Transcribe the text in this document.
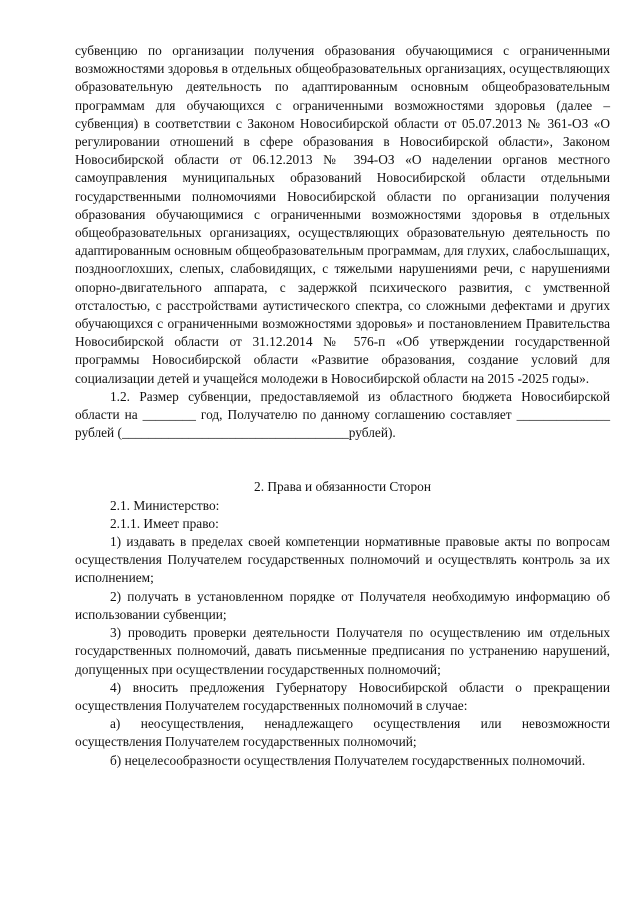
субвенцию по организации получения образования обучающимися с ограниченными возможностями здоровья в отдельных общеобразовательных организациях, осуществляющих образовательную деятельность по адаптированным основным общеобразовательным программам для обучающихся с ограниченными возможностями здоровья (далее – субвенция) в соответствии с Законом Новосибирской области от 05.07.2013 № 361-ОЗ «О регулировании отношений в сфере образования в Новосибирской области», Законом Новосибирской области от 06.12.2013 № 394-ОЗ «О наделении органов местного самоуправления муниципальных образований Новосибирской области отдельными государственными полномочиями Новосибирской области по организации получения образования обучающимися с ограниченными возможностями здоровья в отдельных общеобразовательных организациях, осуществляющих образовательную деятельность по адаптированным основным общеобразовательным программам, для глухих, слабослышащих, позднооглохших, слепых, слабовидящих, с тяжелыми нарушениями речи, с нарушениями опорно-двигательного аппарата, с задержкой психического развития, с умственной отсталостью, с расстройствами аутистического спектра, со сложными дефектами и других обучающихся с ограниченными возможностями здоровья» и постановлением Правительства Новосибирской области от 31.12.2014 № 576-п «Об утверждении государственной программы Новосибирской области «Развитие образования, создание условий для социализации детей и учащейся молодежи в Новосибирской области на 2015 -2025 годы».

1.2. Размер субвенции, предоставляемой из областного бюджета Новосибирской области на ________ год, Получателю по данному соглашению составляет ______________ рублей (__________________________________рублей).

2. Права и обязанности Сторон

2.1. Министерство:

2.1.1. Имеет право:

1) издавать в пределах своей компетенции нормативные правовые акты по вопросам осуществления Получателем государственных полномочий и осуществлять контроль за их исполнением;

2) получать в установленном порядке от Получателя необходимую информацию об использовании субвенции;

3) проводить проверки деятельности Получателя по осуществлению им отдельных государственных полномочий, давать письменные предписания по устранению нарушений, допущенных при осуществлении государственных полномочий;

4) вносить предложения Губернатору Новосибирской области о прекращении осуществления Получателем государственных полномочий в случае:

а) неосуществления, ненадлежащего осуществления или невозможности осуществления Получателем государственных полномочий;

б) нецелесообразности осуществления Получателем государственных полномочий.
